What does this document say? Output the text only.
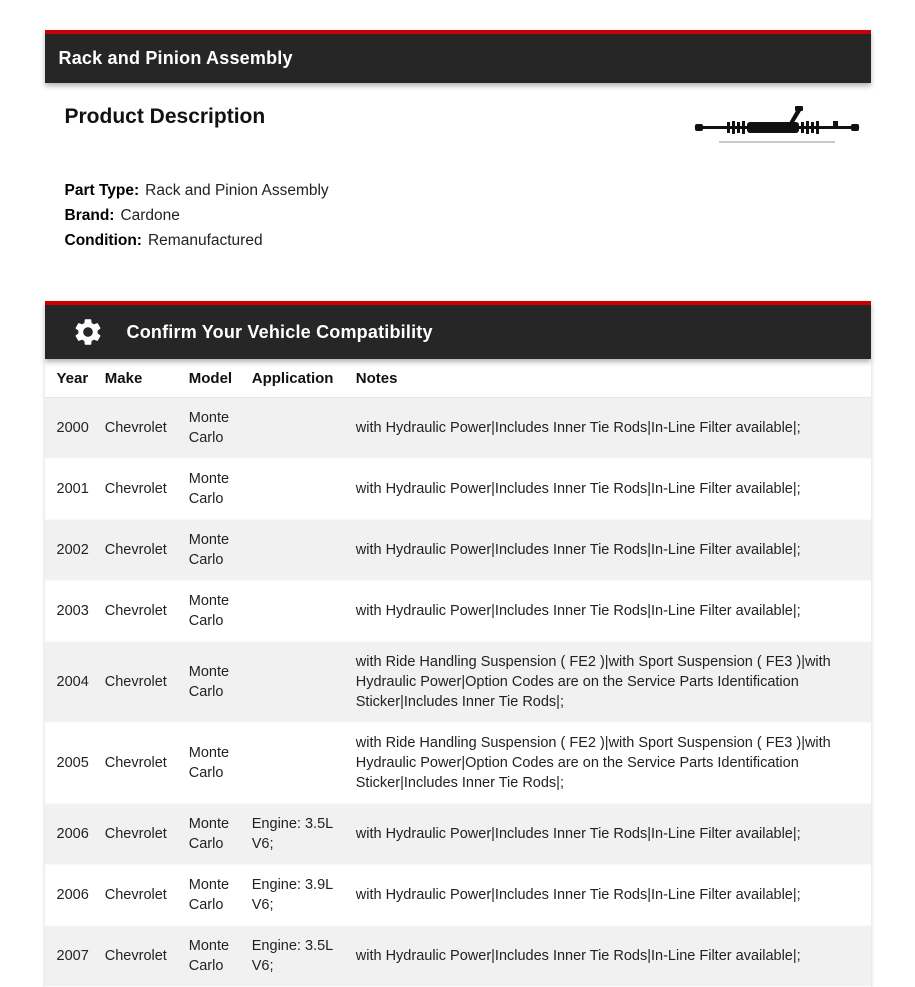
Rack and Pinion Assembly
Product Description

Part Type: Rack and Pinion Assembly

Brand: Cardone

Condition: Remanufactured

Confirm Your Vehicle Compatibility
Year	Make	Model	Application	Notes
2000	Chevrolet	Monte Carlo		with Hydraulic Power|Includes Inner Tie Rods|In-Line Filter available|;
2001	Chevrolet	Monte Carlo		with Hydraulic Power|Includes Inner Tie Rods|In-Line Filter available|;
2002	Chevrolet	Monte Carlo		with Hydraulic Power|Includes Inner Tie Rods|In-Line Filter available|;
2003	Chevrolet	Monte Carlo		with Hydraulic Power|Includes Inner Tie Rods|In-Line Filter available|;
2004	Chevrolet	Monte Carlo		with Ride Handling Suspension ( FE2 )|with Sport Suspension ( FE3 )|with Hydraulic Power|Option Codes are on the Service Parts Identification Sticker|Includes Inner Tie Rods|;
2005	Chevrolet	Monte Carlo		with Ride Handling Suspension ( FE2 )|with Sport Suspension ( FE3 )|with Hydraulic Power|Option Codes are on the Service Parts Identification Sticker|Includes Inner Tie Rods|;
2006	Chevrolet	Monte Carlo	Engine: 3.5L V6;	with Hydraulic Power|Includes Inner Tie Rods|In-Line Filter available|;
2006	Chevrolet	Monte Carlo	Engine: 3.9L V6;	with Hydraulic Power|Includes Inner Tie Rods|In-Line Filter available|;
2007	Chevrolet	Monte Carlo	Engine: 3.5L V6;	with Hydraulic Power|Includes Inner Tie Rods|In-Line Filter available|;
